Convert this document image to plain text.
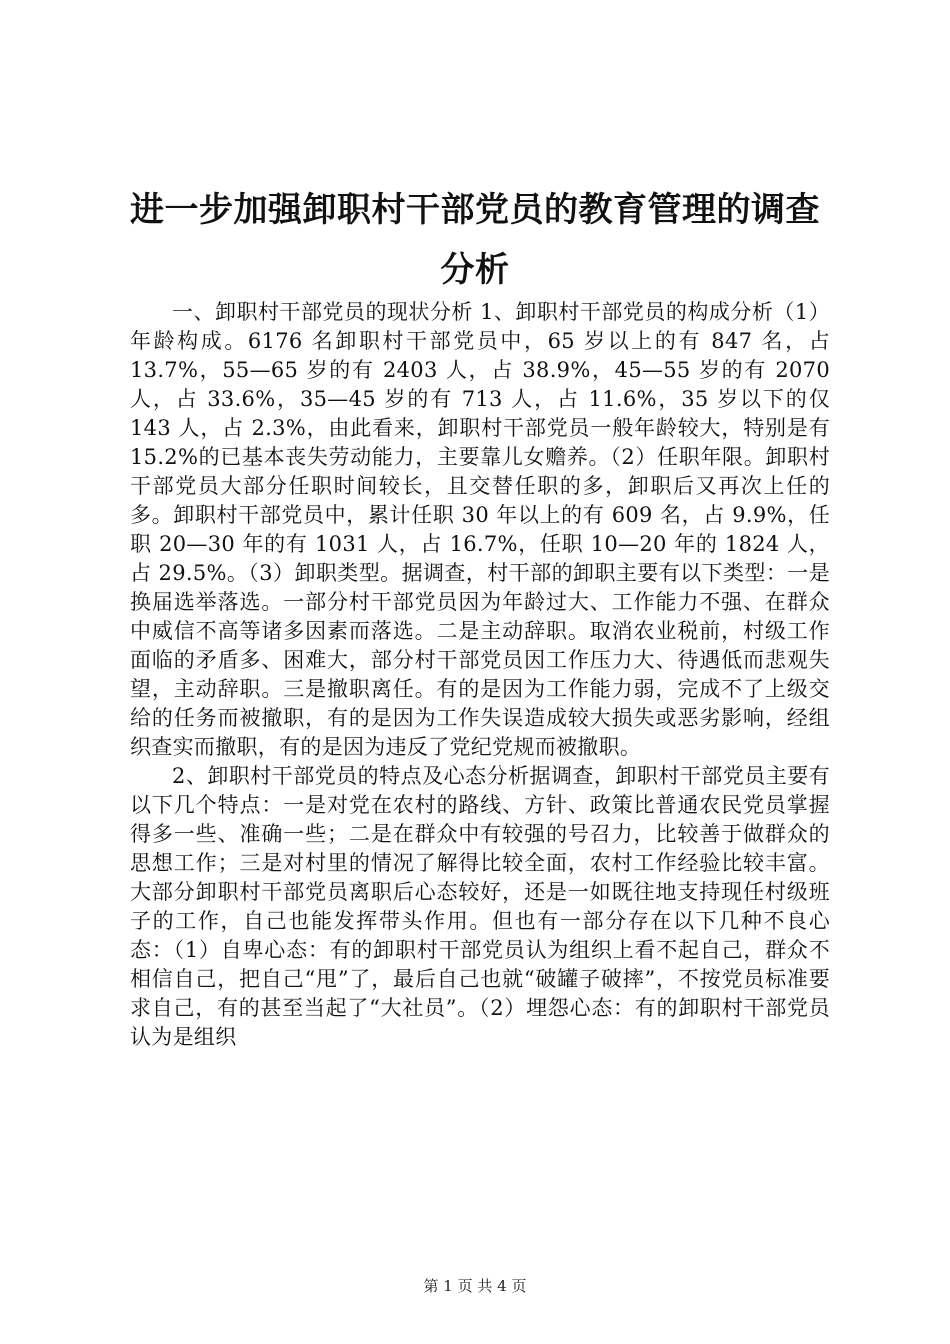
进一步加强卸职村干部党员的教育管理的调查
分析

一、卸职村干部党员的现状分析 1、卸职村干部党员的构成分析（1）年龄构成。6176 名卸职村干部党员中，65 岁以上的有 847 名，占 13.7%，55—65 岁的有 2403 人，占 38.9%，45—55 岁的有 2070 人，占 33.6%，35—45 岁的有 713 人，占 11.6%，35 岁以下的仅 143 人，占 2.3%，由此看来，卸职村干部党员一般年龄较大，特别是有 15.2%的已基本丧失劳动能力，主要靠儿女赡养。（2）任职年限。卸职村干部党员大部分任职时间较长，且交替任职的多，卸职后又再次上任的多。卸职村干部党员中，累计任职 30 年以上的有 609 名，占 9.9%，任职 20—30 年的有 1031 人，占 16.7%，任职 10—20 年的 1824 人，占 29.5%。（3）卸职类型。据调查，村干部的卸职主要有以下类型：一是换届选举落选。一部分村干部党员因为年龄过大、工作能力不强、在群众中威信不高等诸多因素而落选。二是主动辞职。取消农业税前，村级工作面临的矛盾多、困难大，部分村干部党员因工作压力大、待遇低而悲观失望，主动辞职。三是撤职离任。有的是因为工作能力弱，完成不了上级交给的任务而被撤职，有的是因为工作失误造成较大损失或恶劣影响，经组织查实而撤职，有的是因为违反了党纪党规而被撤职。

2、卸职村干部党员的特点及心态分析据调查，卸职村干部党员主要有以下几个特点：一是对党在农村的路线、方针、政策比普通农民党员掌握得多一些、准确一些；二是在群众中有较强的号召力，比较善于做群众的思想工作；三是对村里的情况了解得比较全面，农村工作经验比较丰富。大部分卸职村干部党员离职后心态较好，还是一如既往地支持现任村级班子的工作，自己也能发挥带头作用。但也有一部分存在以下几种不良心态：（1）自卑心态：有的卸职村干部党员认为组织上看不起自己，群众不相信自己，把自己“甩”了，最后自己也就“破罐子破摔”，不按党员标准要求自己，有的甚至当起了“大社员”。（2）埋怨心态：有的卸职村干部党员认为是组织

第 1 页 共 4 页
